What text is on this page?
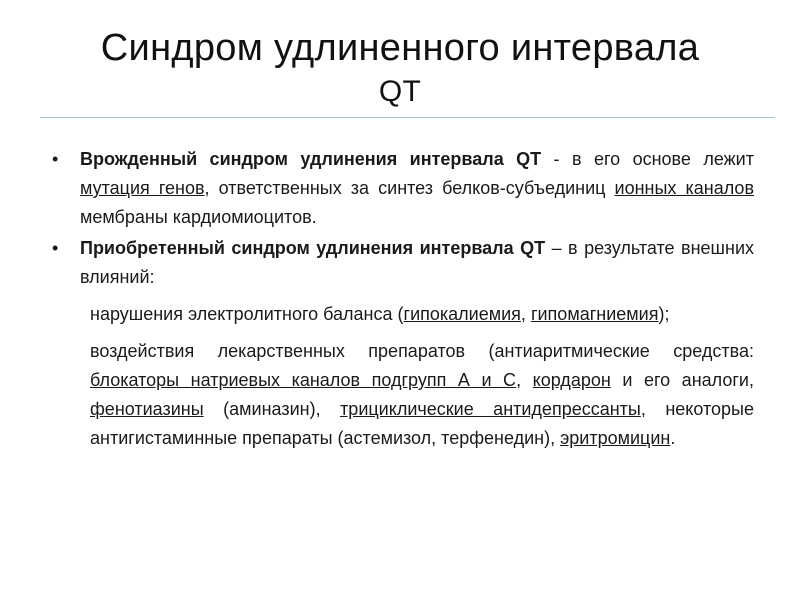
Синдром удлиненного интервала
QT
• Врожденный синдром удлинения интервала QT - в его основе лежит мутация генов, ответственных за синтез белков-субъединиц ионных каналов мембраны кардиомиоцитов.
• Приобретенный синдром удлинения интервала QT – в результате внешних влияний:
нарушения электролитного баланса (гипокалиемия, гипомагниемия);
воздействия лекарственных препаратов (антиаритмические средства: блокаторы натриевых каналов подгрупп А и С, кордарон и его аналоги, фенотиазины (аминазин), трициклические антидепрессанты, некоторые антигистаминные препараты (астемизол, терфенедин), эритромицин.
